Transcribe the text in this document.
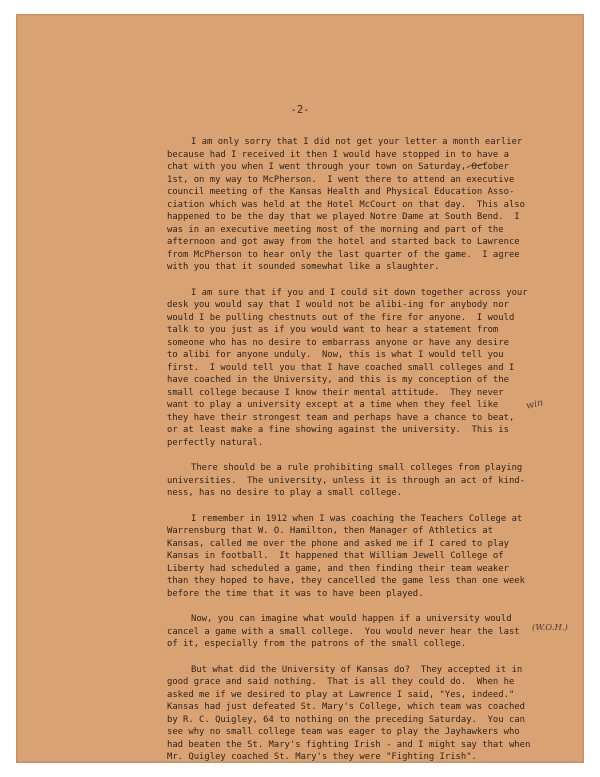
-2-
I am only sorry that I did not get your letter a month earlier
because had I received it then I would have stopped in to have a
chat with you when I went through your town on Saturday, October
1st, on my way to McPherson.  I went there to attend an executive
council meeting of the Kansas Health and Physical Education Asso-
ciation which was held at the Hotel McCourt on that day.  This also
happened to be the day that we played Notre Dame at South Bend.  I
was in an executive meeting most of the morning and part of the
afternoon and got away from the hotel and started back to Lawrence
from McPherson to hear only the last quarter of the game.  I agree
with you that it sounded somewhat like a slaughter.
I am sure that if you and I could sit down together across your
desk you would say that I would not be alibi-ing for anybody nor
would I be pulling chestnuts out of the fire for anyone.  I would
talk to you just as if you would want to hear a statement from
someone who has no desire to embarrass anyone or have any desire
to alibi for anyone unduly.  Now, this is what I would tell you
first.  I would tell you that I have coached small colleges and I
have coached in the University, and this is my conception of the
small college because I know their mental attitude.  They never
want to play a university except at a time when they feel like
they have their strongest team and perhaps have a chance to beat,
or at least make a fine showing against the university.  This is
perfectly natural.
There should be a rule prohibiting small colleges from playing
universities.  The university, unless it is through an act of kind-
ness, has no desire to play a small college.
I remember in 1912 when I was coaching the Teachers College at
Warrensburg that W. O. Hamilton, then Manager of Athletics at
Kansas, called me over the phone and asked me if I cared to play
Kansas in football.  It happened that William Jewell College of
Liberty had scheduled a game, and then finding their team weaker
than they hoped to have, they cancelled the game less than one week
before the time that it was to have been played.
Now, you can imagine what would happen if a university would
cancel a game with a small college.  You would never hear the last
of it, especially from the patrons of the small college.
But what did the University of Kansas do?  They accepted it in
good grace and said nothing.  That is all they could do.  When he
asked me if we desired to play at Lawrence I said, "Yes, indeed."
Kansas had just defeated St. Mary's College, which team was coached
by R. C. Quigley, 64 to nothing on the preceding Saturday.  You can
see why no small college team was eager to play the Jayhawkers who
had beaten the St. Mary's fighting Irish - and I might say that when
Mr. Quigley coached St. Mary's they were "Fighting Irish".
win
(W.O.H.)
